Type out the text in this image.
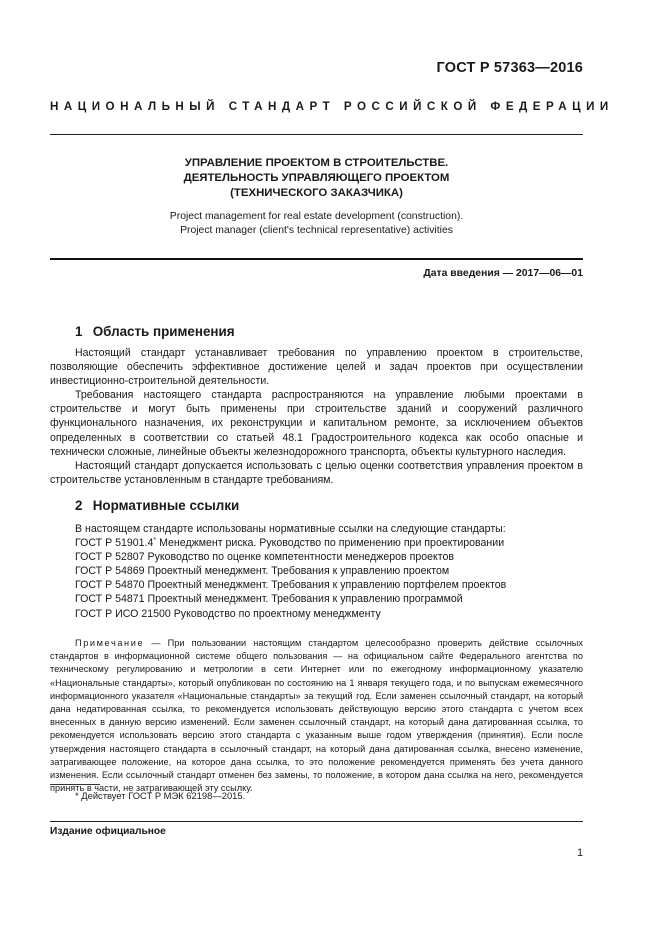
ГОСТ Р 57363—2016
НАЦИОНАЛЬНЫЙ СТАНДАРТ РОССИЙСКОЙ ФЕДЕРАЦИИ
УПРАВЛЕНИЕ ПРОЕКТОМ В СТРОИТЕЛЬСТВЕ.
ДЕЯТЕЛЬНОСТЬ УПРАВЛЯЮЩЕГО ПРОЕКТОМ
(ТЕХНИЧЕСКОГО ЗАКАЗЧИКА)
Project management for real estate development (construction).
Project manager (client's technical representative) activities
Дата введения — 2017—06—01
1 Область применения

Настоящий стандарт устанавливает требования по управлению проектом в строительстве, позволяющие обеспечить эффективное достижение целей и задач проектов при осуществлении инвестиционно-строительной деятельности.

Требования настоящего стандарта распространяются на управление любыми проектами в строительстве и могут быть применены при строительстве зданий и сооружений различного функционального назначения, их реконструкции и капитальном ремонте, за исключением объектов определенных в соответствии со статьей 48.1 Градостроительного кодекса как особо опасные и технически сложные, линейные объекты железнодорожного транспорта, объекты культурного наследия.

Настоящий стандарт допускается использовать с целью оценки соответствия управления проектом в строительстве установленным в стандарте требованиям.

2 Нормативные ссылки

В настоящем стандарте использованы нормативные ссылки на следующие стандарты:

ГОСТ Р 51901.4* Менеджмент риска. Руководство по применению при проектировании

ГОСТ Р 52807 Руководство по оценке компетентности менеджеров проектов

ГОСТ Р 54869 Проектный менеджмент. Требования к управлению проектом

ГОСТ Р 54870 Проектный менеджмент. Требования к управлению портфелем проектов

ГОСТ Р 54871 Проектный менеджмент. Требования к управлению программой

ГОСТ Р ИСО 21500 Руководство по проектному менеджменту

Примечание — При пользовании настоящим стандартом целесообразно проверить действие ссылочных стандартов в информационной системе общего пользования — на официальном сайте Федерального агентства по техническому регулированию и метрологии в сети Интернет или по ежегодному информационному указателю «Национальные стандарты», который опубликован по состоянию на 1 января текущего года, и по выпускам ежемесячного информационного указателя «Национальные стандарты» за текущий год. Если заменен ссылочный стандарт, на который дана недатированная ссылка, то рекомендуется использовать действующую версию этого стандарта с учетом всех внесенных в данную версию изменений. Если заменен ссылочный стандарт, на который дана датированная ссылка, то рекомендуется использовать версию этого стандарта с указанным выше годом утверждения (принятия). Если после утверждения настоящего стандарта в ссылочный стандарт, на который дана датированная ссылка, внесено изменение, затрагивающее положение, на которое дана ссылка, то это положение рекомендуется применять без учета данного изменения. Если ссылочный стандарт отменен без замены, то положение, в котором дана ссылка на него, рекомендуется принять в части, не затрагивающей эту ссылку.

* Действует ГОСТ Р МЭК 62198—2015.
Издание официальное
1
